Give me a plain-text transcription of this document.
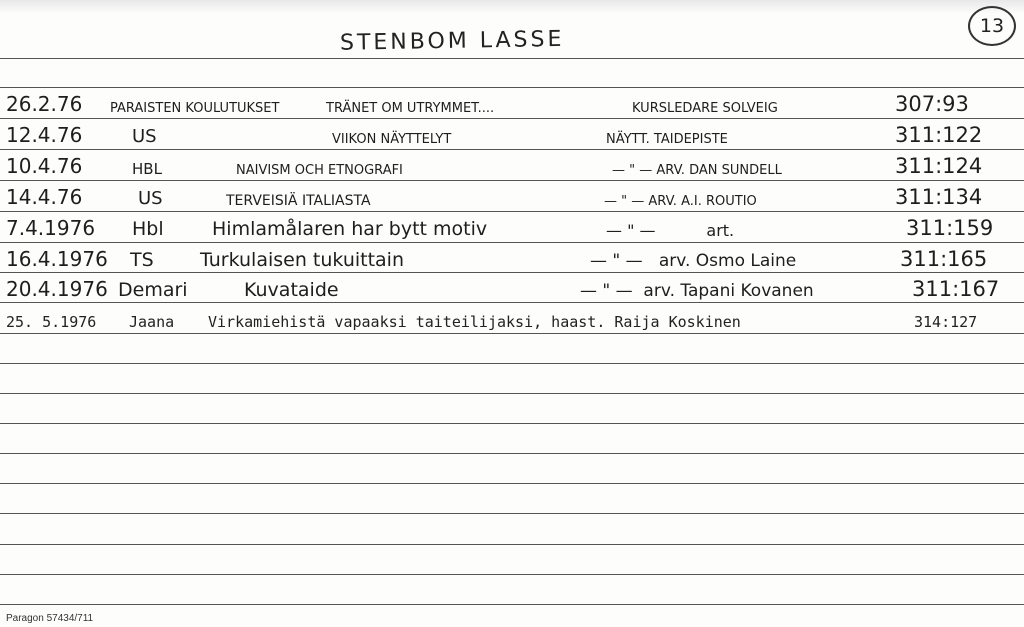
STENBOM LASSE
13
26.2.76 PARAISTEN KOULUTUKSET	TRÄNET OM UTRYMMET....	KURSLEDARE SOLVEIG	307:93
12.4.76	US	VIIKON NÄYTTELYT	NÄYTT. TAIDEPISTE	311:122
10.4.76	HBL	NAIVISM OCH ETNOGRAFI	— " — ARV. DAN SUNDELL	311:124
14.4.76	US	TERVEISIÄ ITALIASTA	— " — ARV. A.I. ROUTIO	311:134
7.4.1976 Hbl	Himlamålaren har bytt motiv	— " —          art.	311:159
16.4.1976 TS Turkulaisen tukuittain	— " —   arv. Osmo Laine	311:165
20.4.1976 Demari	Kuvataide	— " —  arv. Tapani Kovanen	311:167
25. 5.1976 Jaana Virkamiehistä vapaaksi taiteilijaksi, haast. Raija Koskinen	314:127
Paragon 57434/711
